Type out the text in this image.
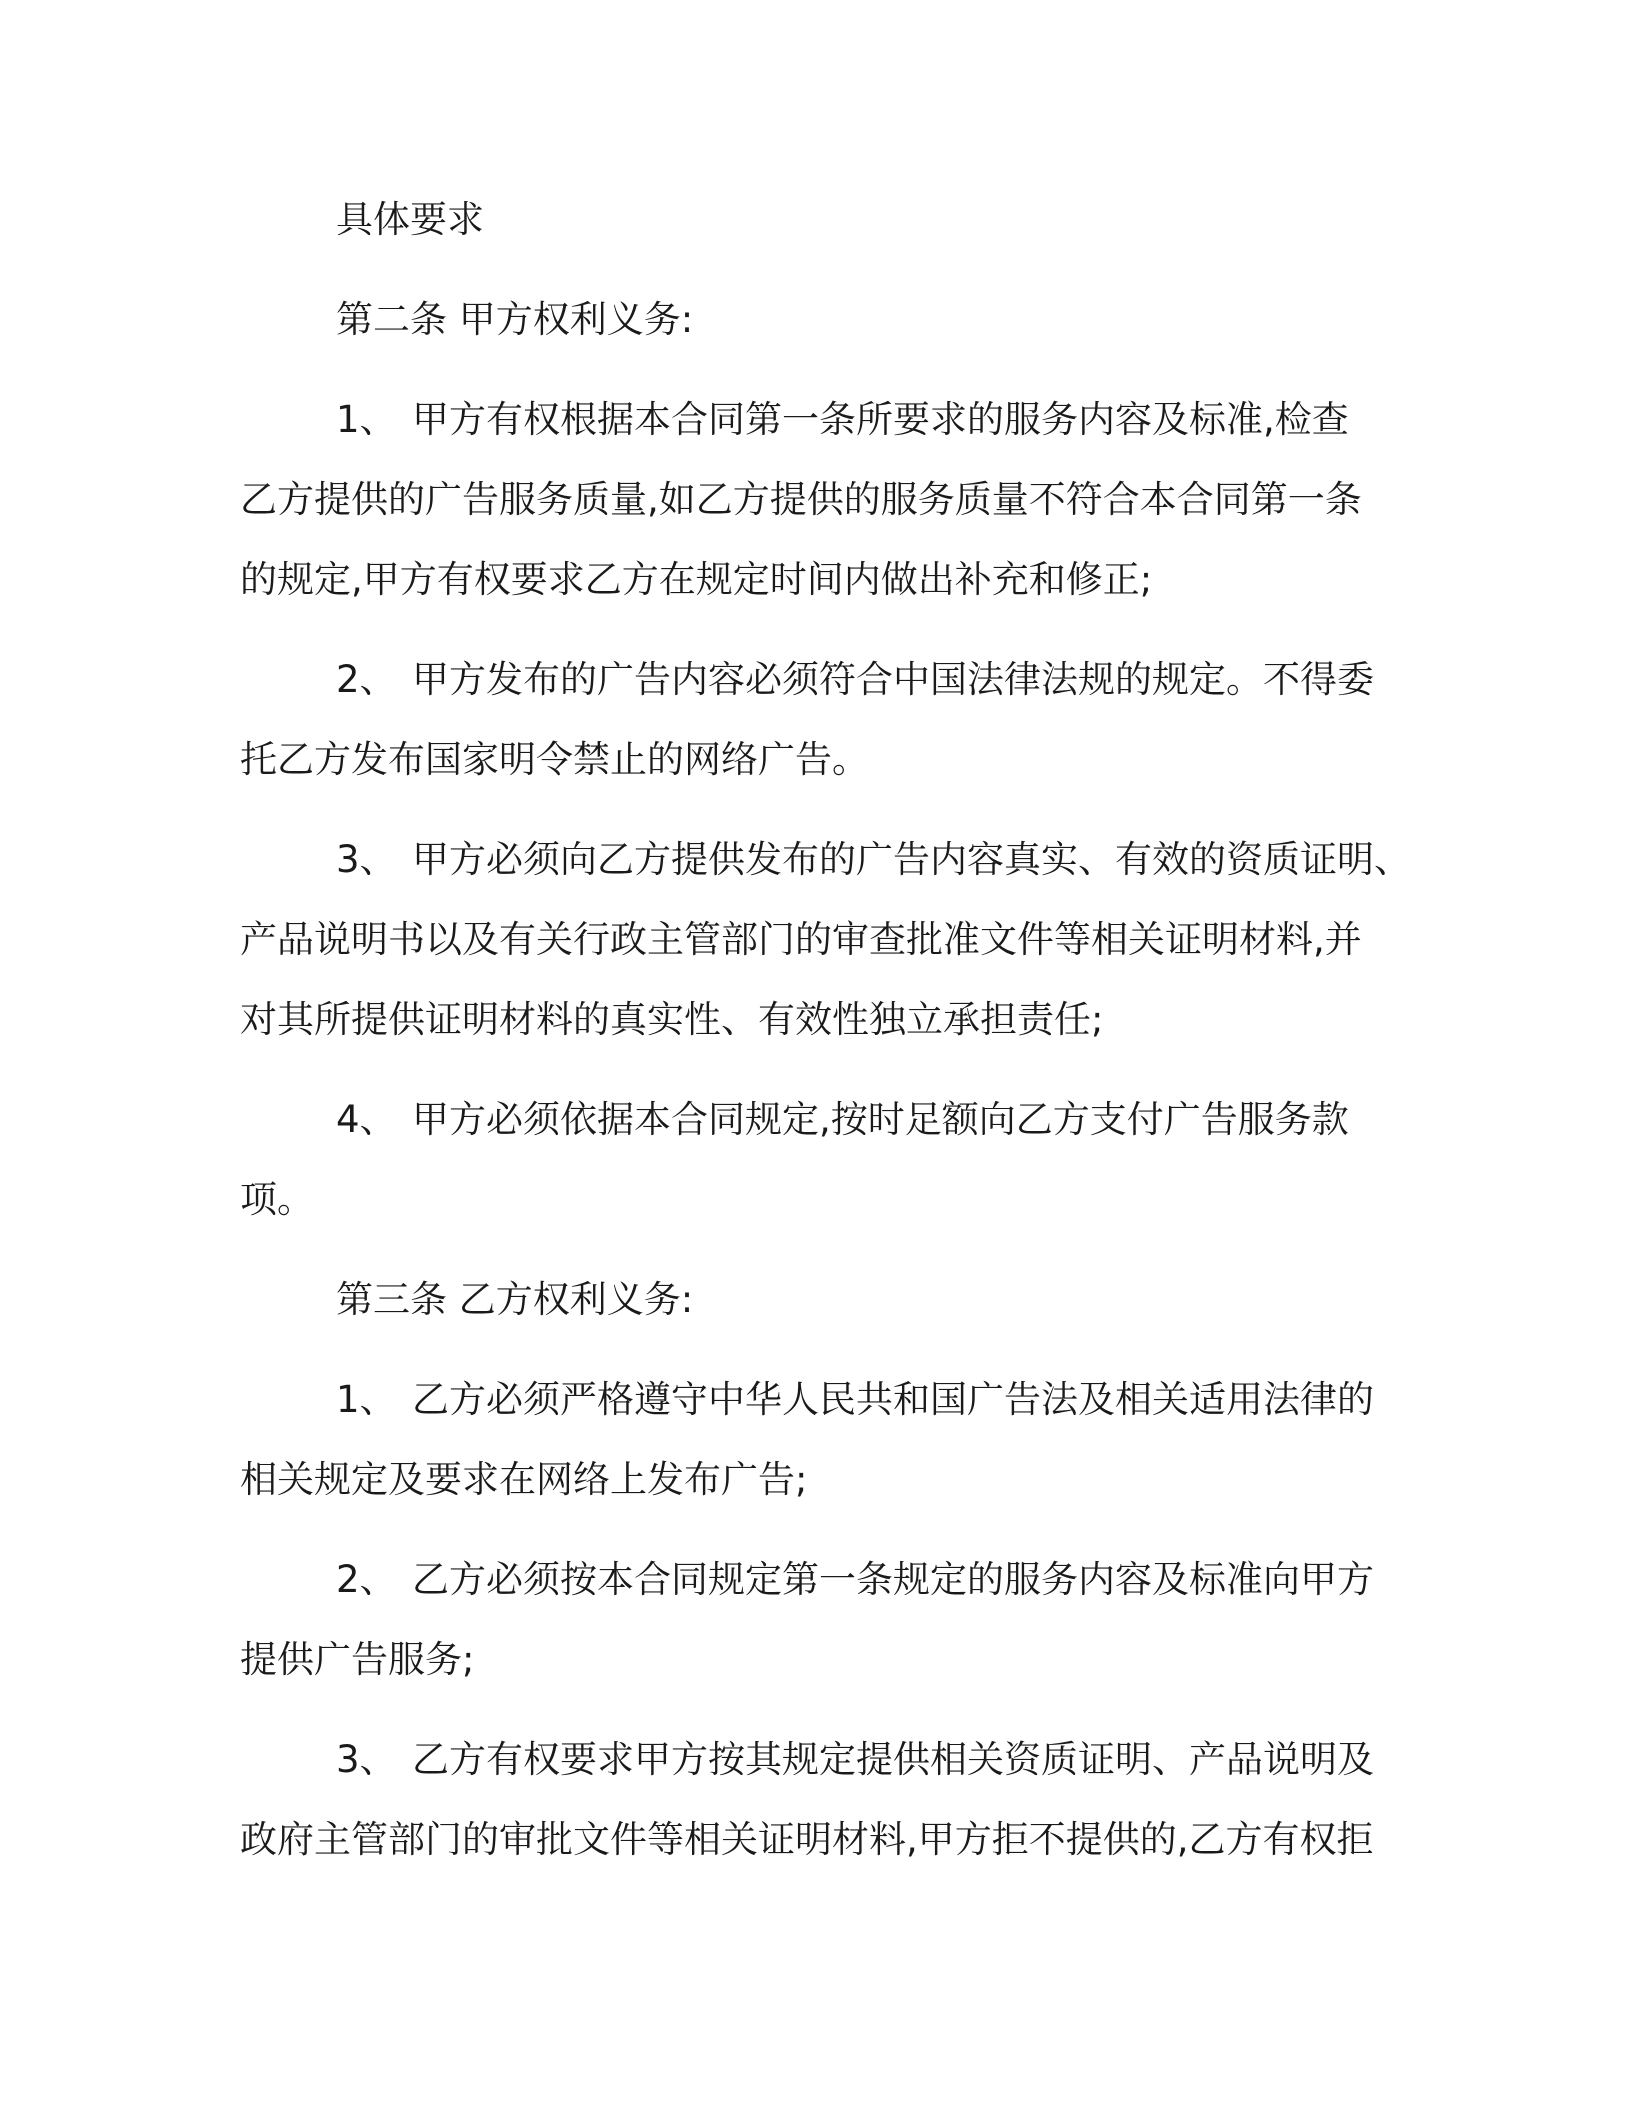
具体要求
第二条 甲方权利义务:
1、 甲方有权根据本合同第一条所要求的服务内容及标准,检查
乙方提供的广告服务质量,如乙方提供的服务质量不符合本合同第一条
的规定,甲方有权要求乙方在规定时间内做出补充和修正;
2、 甲方发布的广告内容必须符合中国法律法规的规定。不得委
托乙方发布国家明令禁止的网络广告。
3、 甲方必须向乙方提供发布的广告内容真实、有效的资质证明、
产品说明书以及有关行政主管部门的审查批准文件等相关证明材料,并
对其所提供证明材料的真实性、有效性独立承担责任;
4、 甲方必须依据本合同规定,按时足额向乙方支付广告服务款
项。
第三条 乙方权利义务:
1、 乙方必须严格遵守中华人民共和国广告法及相关适用法律的
相关规定及要求在网络上发布广告;
2、 乙方必须按本合同规定第一条规定的服务内容及标准向甲方
提供广告服务;
3、 乙方有权要求甲方按其规定提供相关资质证明、产品说明及
政府主管部门的审批文件等相关证明材料,甲方拒不提供的,乙方有权拒
